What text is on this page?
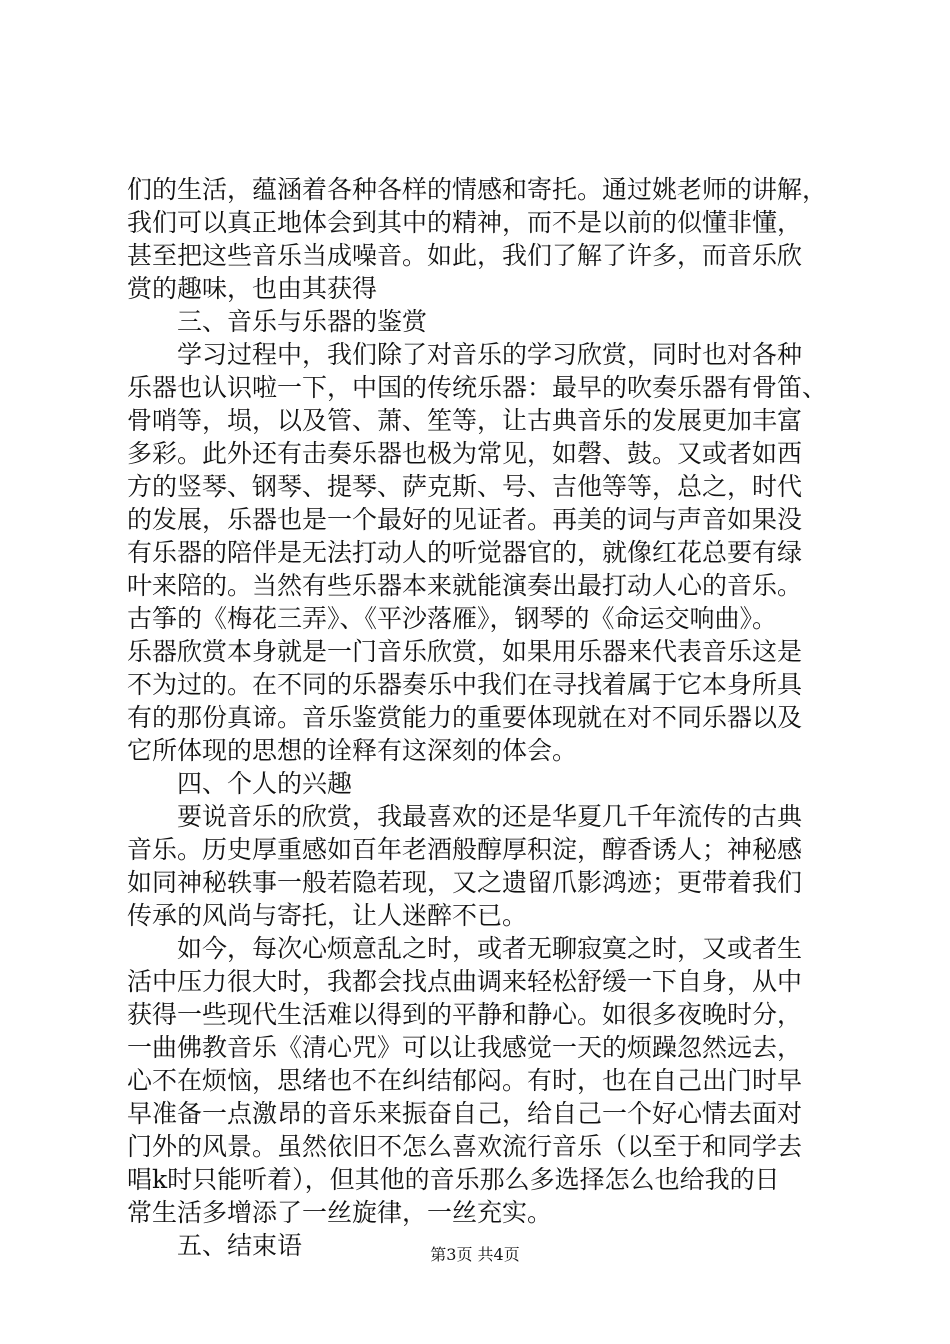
们的生活，蕴涵着各种各样的情感和寄托。通过姚老师的讲解，

我们可以真正地体会到其中的精神，而不是以前的似懂非懂，

甚至把这些音乐当成噪音。如此，我们了解了许多，而音乐欣

赏的趣味，也由其获得

三、音乐与乐器的鉴赏

学习过程中，我们除了对音乐的学习欣赏，同时也对各种

乐器也认识啦一下，中国的传统乐器：最早的吹奏乐器有骨笛、

骨哨等，埙，以及管、萧、笙等，让古典音乐的发展更加丰富

多彩。此外还有击奏乐器也极为常见，如磬、鼓。又或者如西

方的竖琴、钢琴、提琴、萨克斯、号、吉他等等，总之，时代

的发展，乐器也是一个最好的见证者。再美的词与声音如果没

有乐器的陪伴是无法打动人的听觉器官的，就像红花总要有绿

叶来陪的。当然有些乐器本来就能演奏出最打动人心的音乐。

古筝的《梅花三弄》、《平沙落雁》，钢琴的《命运交响曲》。

乐器欣赏本身就是一门音乐欣赏，如果用乐器来代表音乐这是

不为过的。在不同的乐器奏乐中我们在寻找着属于它本身所具

有的那份真谛。音乐鉴赏能力的重要体现就在对不同乐器以及

它所体现的思想的诠释有这深刻的体会。

四、个人的兴趣

要说音乐的欣赏，我最喜欢的还是华夏几千年流传的古典

音乐。历史厚重感如百年老酒般醇厚积淀，醇香诱人；神秘感

如同神秘轶事一般若隐若现，又之遗留爪影鸿迹；更带着我们

传承的风尚与寄托，让人迷醉不已。

如今，每次心烦意乱之时，或者无聊寂寞之时，又或者生

活中压力很大时，我都会找点曲调来轻松舒缓一下自身，从中

获得一些现代生活难以得到的平静和静心。如很多夜晚时分，

一曲佛教音乐《清心咒》可以让我感觉一天的烦躁忽然远去，

心不在烦恼，思绪也不在纠结郁闷。有时，也在自己出门时早

早准备一点激昂的音乐来振奋自己，给自己一个好心情去面对

门外的风景。虽然依旧不怎么喜欢流行音乐（以至于和同学去

唱k时只能听着），但其他的音乐那么多选择怎么也给我的日

常生活多增添了一丝旋律，一丝充实。

五、结束语	第3页 共4页
